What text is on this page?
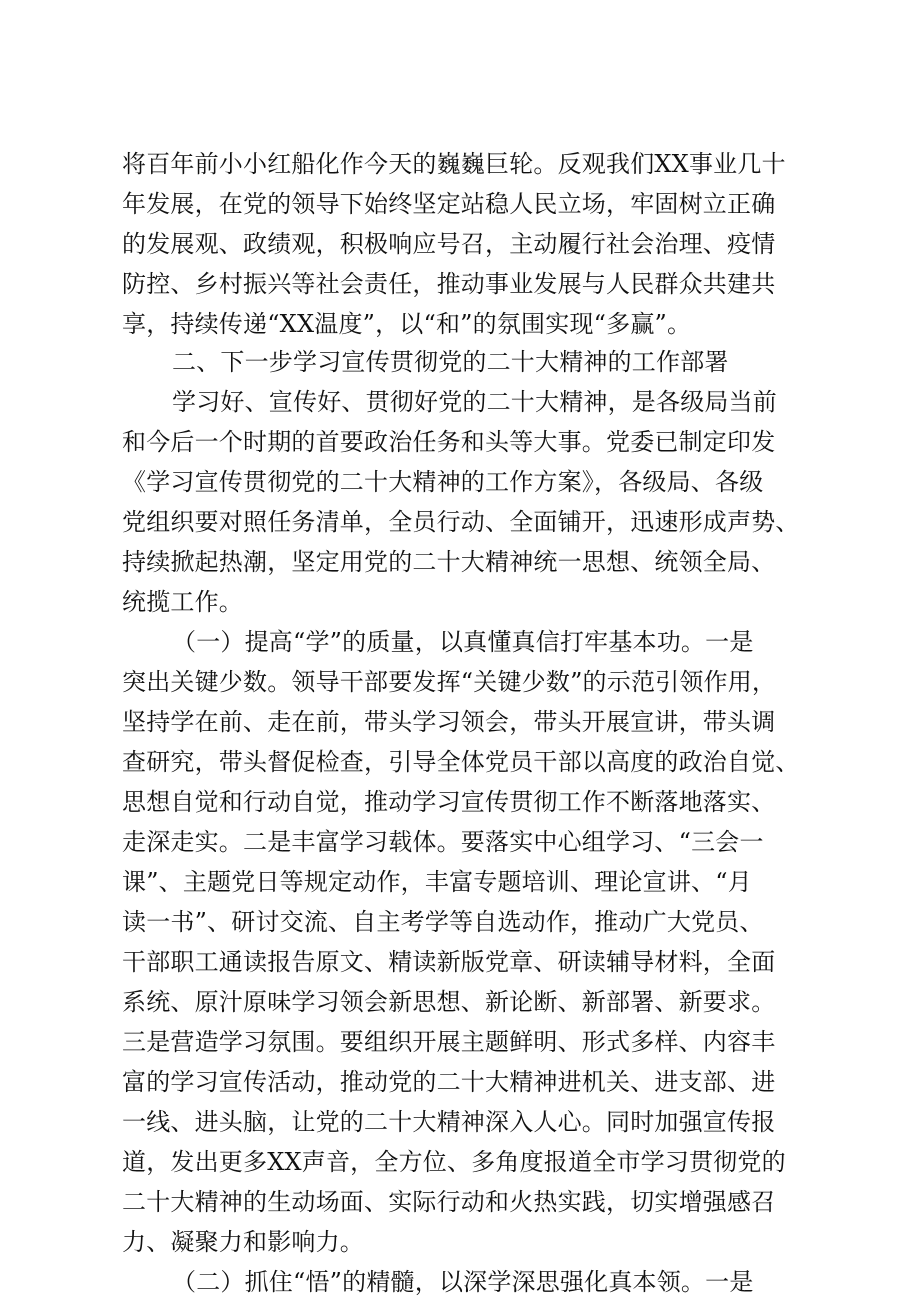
将百年前小小红船化作今天的巍巍巨轮。反观我们XX事业几十
年发展，在党的领导下始终坚定站稳人民立场，牢固树立正确
的发展观、政绩观，积极响应号召，主动履行社会治理、疫情
防控、乡村振兴等社会责任，推动事业发展与人民群众共建共
享，持续传递“XX温度”，以“和”的氛围实现“多赢”。
二、下一步学习宣传贯彻党的二十大精神的工作部署
学习好、宣传好、贯彻好党的二十大精神，是各级局当前
和今后一个时期的首要政治任务和头等大事。党委已制定印发
《学习宣传贯彻党的二十大精神的工作方案》，各级局、各级
党组织要对照任务清单，全员行动、全面铺开，迅速形成声势、
持续掀起热潮，坚定用党的二十大精神统一思想、统领全局、
统揽工作。
（一）提高“学”的质量，以真懂真信打牢基本功。一是
突出关键少数。领导干部要发挥“关键少数”的示范引领作用，
坚持学在前、走在前，带头学习领会，带头开展宣讲，带头调
查研究，带头督促检查，引导全体党员干部以高度的政治自觉、
思想自觉和行动自觉，推动学习宣传贯彻工作不断落地落实、
走深走实。二是丰富学习载体。要落实中心组学习、“三会一
课”、主题党日等规定动作，丰富专题培训、理论宣讲、“月
读一书”、研讨交流、自主考学等自选动作，推动广大党员、
干部职工通读报告原文、精读新版党章、研读辅导材料，全面
系统、原汁原味学习领会新思想、新论断、新部署、新要求。
三是营造学习氛围。要组织开展主题鲜明、形式多样、内容丰
富的学习宣传活动，推动党的二十大精神进机关、进支部、进
一线、进头脑，让党的二十大精神深入人心。同时加强宣传报
道，发出更多XX声音，全方位、多角度报道全市学习贯彻党的
二十大精神的生动场面、实际行动和火热实践，切实增强感召
力、凝聚力和影响力。
（二）抓住“悟”的精髓，以深学深思强化真本领。一是
